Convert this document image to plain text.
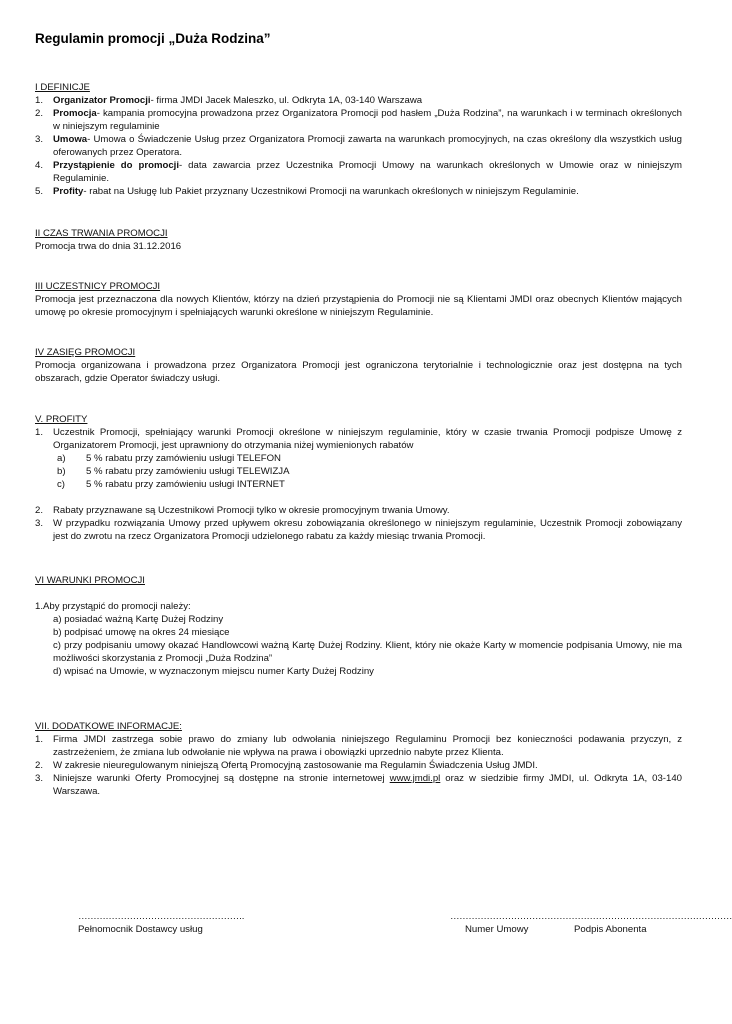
Regulamin promocji „Duża Rodzina”

I DEFINICJE

1. Organizator Promocji- firma JMDI Jacek Maleszko, ul. Odkryta 1A, 03-140 Warszawa
2. Promocja- kampania promocyjna prowadzona przez Organizatora Promocji pod hasłem „Duża Rodzina”, na warunkach i w terminach określonych w niniejszym regulaminie
3. Umowa- Umowa o Świadczenie Usług przez Organizatora Promocji zawarta na warunkach promocyjnych, na czas określony dla wszystkich usług oferowanych przez Operatora.
4. Przystąpienie do promocji- data zawarcia przez Uczestnika Promocji Umowy na warunkach określonych w Umowie oraz w niniejszym Regulaminie.
5. Profity- rabat na Usługę lub Pakiet przyznany Uczestnikowi Promocji na warunkach określonych w niniejszym Regulaminie.

II CZAS TRWANIA PROMOCJI

Promocja trwa do dnia 31.12.2016

III UCZESTNICY PROMOCJI

Promocja jest przeznaczona dla nowych Klientów, którzy na dzień przystąpienia do Promocji nie są Klientami JMDI oraz obecnych Klientów mających umowę po okresie promocyjnym i spełniających warunki określone w niniejszym Regulaminie.

IV ZASIĘG PROMOCJI

Promocja organizowana i prowadzona przez Organizatora Promocji jest ograniczona terytorialnie i technologicznie oraz jest dostępna na tych obszarach, gdzie Operator świadczy usługi.

V. PROFITY

1. Uczestnik Promocji, spełniający warunki Promocji określone w niniejszym regulaminie, który w czasie trwania Promocji podpisze Umowę z Organizatorem Promocji, jest uprawniony do otrzymania niżej wymienionych rabatów
a) 5 % rabatu przy zamówieniu usługi TELEFON
b) 5 % rabatu przy zamówieniu usługi TELEWIZJA
c) 5 % rabatu przy zamówieniu usługi INTERNET
2. Rabaty przyznawane są Uczestnikowi Promocji tylko w okresie promocyjnym trwania Umowy.
3. W przypadku rozwiązania Umowy przed upływem okresu zobowiązania określonego w niniejszym regulaminie, Uczestnik Promocji zobowiązany jest do zwrotu na rzecz Organizatora Promocji udzielonego rabatu za każdy miesiąc trwania Promocji.

VI WARUNKI PROMOCJI

1.Aby przystąpić do promocji należy:

a) posiadać ważną Kartę Dużej Rodziny

b) podpisać umowę na okres 24 miesiące

c) przy podpisaniu umowy okazać Handlowcowi ważną Kartę Dużej Rodziny. Klient, który nie okaże Karty w momencie podpisania Umowy, nie ma możliwości skorzystania z Promocji „Duża Rodzina”

d) wpisać na Umowie, w wyznaczonym miejscu numer Karty Dużej Rodziny

VII. DODATKOWE INFORMACJE:

1. Firma JMDI zastrzega sobie prawo do zmiany lub odwołania niniejszego Regulaminu Promocji bez konieczności podawania przyczyn, z zastrzeżeniem, że zmiana lub odwołanie nie wpływa na prawa i obowiązki uprzednio nabyte przez Klienta.
2. W zakresie nieuregulowanym niniejszą Ofertą Promocyjną zastosowanie ma Regulamin Świadczenia Usług JMDI.
3. Niniejsze warunki Oferty Promocyjnej są dostępne na stronie internetowej www.jmdi.pl oraz w siedzibie firmy JMDI, ul. Odkryta 1A, 03-140 Warszawa.
……………………………………………….
Pełnomocnik Dostawcy usług
…………………………………………………………………………………
Numer Umowy	Podpis Abonenta
